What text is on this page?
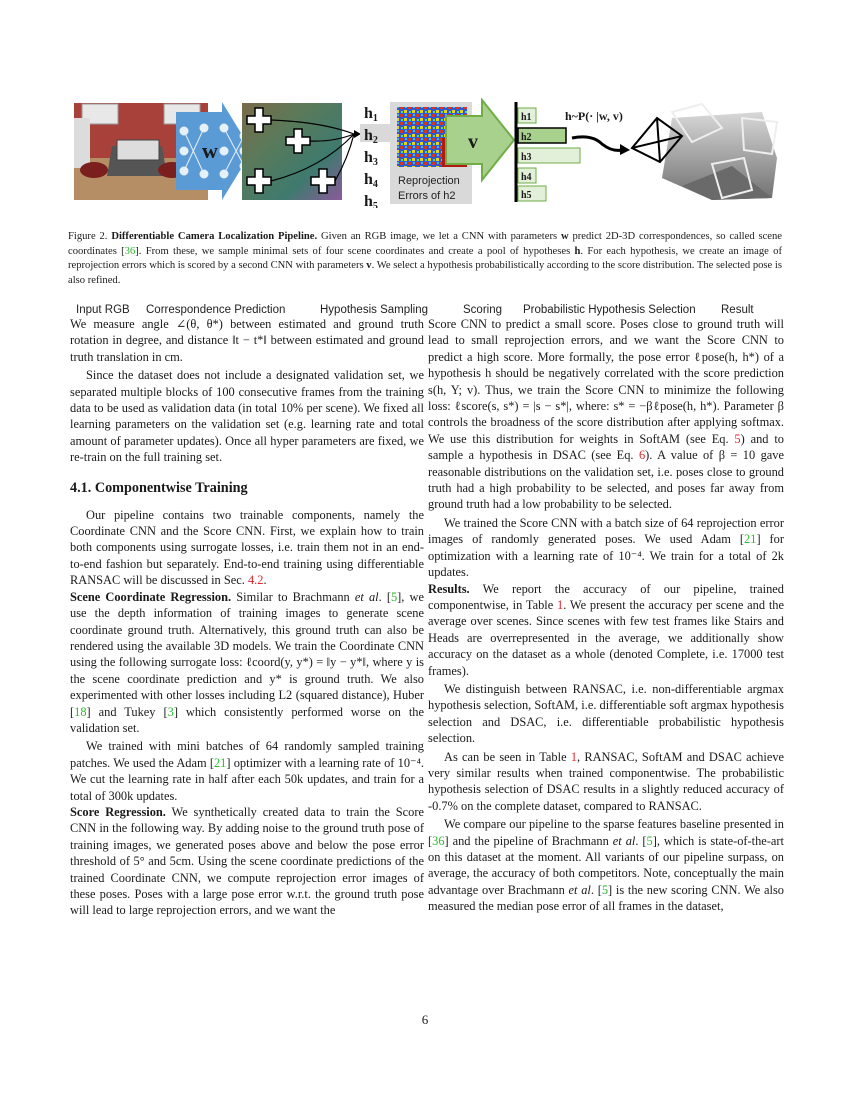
w
h1
h2
h3
h4
h5
Reprojection
Errors of h2
v
h1
h2
h3
h4
h5
h~P(· |w, v)
Input RGB Correspondence Prediction	Hypothesis Sampling	Scoring Probabilistic Hypothesis Selection Result
Figure 2. Differentiable Camera Localization Pipeline. Given an RGB image, we let a CNN with parameters w predict 2D-3D correspondences, so called scene coordinates [36]. From these, we sample minimal sets of four scene coordinates and create a pool of hypotheses h. For each hypothesis, we create an image of reprojection errors which is scored by a second CNN with parameters v. We select a hypothesis probabilistically according to the score distribution. The selected pose is also refined.

We measure angle ∠(θ, θ*) between estimated and ground truth rotation in degree, and distance ‖t − t*‖ between estimated and ground truth translation in cm.

Since the dataset does not include a designated validation set, we separated multiple blocks of 100 consecutive frames from the training data to be used as validation data (in total 10% per scene). We fixed all learning parameters on the validation set (e.g. learning rate and total amount of parameter updates). Once all hyper parameters are fixed, we re-train on the full training set.

4.1. Componentwise Training

Our pipeline contains two trainable components, namely the Coordinate CNN and the Score CNN. First, we explain how to train both components using surrogate losses, i.e. train them not in an end-to-end fashion but separately. End-to-end training using differentiable RANSAC will be discussed in Sec. 4.2.

Scene Coordinate Regression. Similar to Brachmann et al. [5], we use the depth information of training images to generate scene coordinate ground truth. Alternatively, this ground truth can also be rendered using the available 3D models. We train the Coordinate CNN using the following surrogate loss: ℓcoord(y, y*) = ‖y − y*‖, where y is the scene coordinate prediction and y* is ground truth. We also experimented with other losses including L2 (squared distance), Huber [18] and Tukey [3] which consistently performed worse on the validation set.

We trained with mini batches of 64 randomly sampled training patches. We used the Adam [21] optimizer with a learning rate of 10⁻⁴. We cut the learning rate in half after each 50k updates, and train for a total of 300k updates.

Score Regression. We synthetically created data to train the Score CNN in the following way. By adding noise to the ground truth pose of training images, we generated poses above and below the pose error threshold of 5° and 5cm. Using the scene coordinate predictions of the trained Coordinate CNN, we compute reprojection error images of these poses. Poses with a large pose error w.r.t. the ground truth pose will lead to large reprojection errors, and we want the

Score CNN to predict a small score. Poses close to ground truth will lead to small reprojection errors, and we want the Score CNN to predict a high score. More formally, the pose error ℓpose(h, h*) of a hypothesis h should be negatively correlated with the score prediction s(h, Y; v). Thus, we train the Score CNN to minimize the following loss: ℓscore(s, s*) = |s − s*|, where: s* = −βℓpose(h, h*). Parameter β controls the broadness of the score distribution after applying softmax. We use this distribution for weights in SoftAM (see Eq. 5) and to sample a hypothesis in DSAC (see Eq. 6). A value of β = 10 gave reasonable distributions on the validation set, i.e. poses close to ground truth had a high probability to be selected, and poses far away from ground truth had a low probability to be selected.

We trained the Score CNN with a batch size of 64 reprojection error images of randomly generated poses. We used Adam [21] for optimization with a learning rate of 10⁻⁴. We train for a total of 2k updates.

Results. We report the accuracy of our pipeline, trained componentwise, in Table 1. We present the accuracy per scene and the average over scenes. Since scenes with few test frames like Stairs and Heads are overrepresented in the average, we additionally show accuracy on the dataset as a whole (denoted Complete, i.e. 17000 test frames).

We distinguish between RANSAC, i.e. non-differentiable argmax hypothesis selection, SoftAM, i.e. differentiable soft argmax hypothesis selection and DSAC, i.e. differentiable probabilistic hypothesis selection.

As can be seen in Table 1, RANSAC, SoftAM and DSAC achieve very similar results when trained componentwise. The probabilistic hypothesis selection of DSAC results in a slightly reduced accuracy of -0.7% on the complete dataset, compared to RANSAC.

We compare our pipeline to the sparse features baseline presented in [36] and the pipeline of Brachmann et al. [5], which is state-of-the-art on this dataset at the moment. All variants of our pipeline surpass, on average, the accuracy of both competitors. Note, conceptually the main advantage over Brachmann et al. [5] is the new scoring CNN. We also measured the median pose error of all frames in the dataset,

6
